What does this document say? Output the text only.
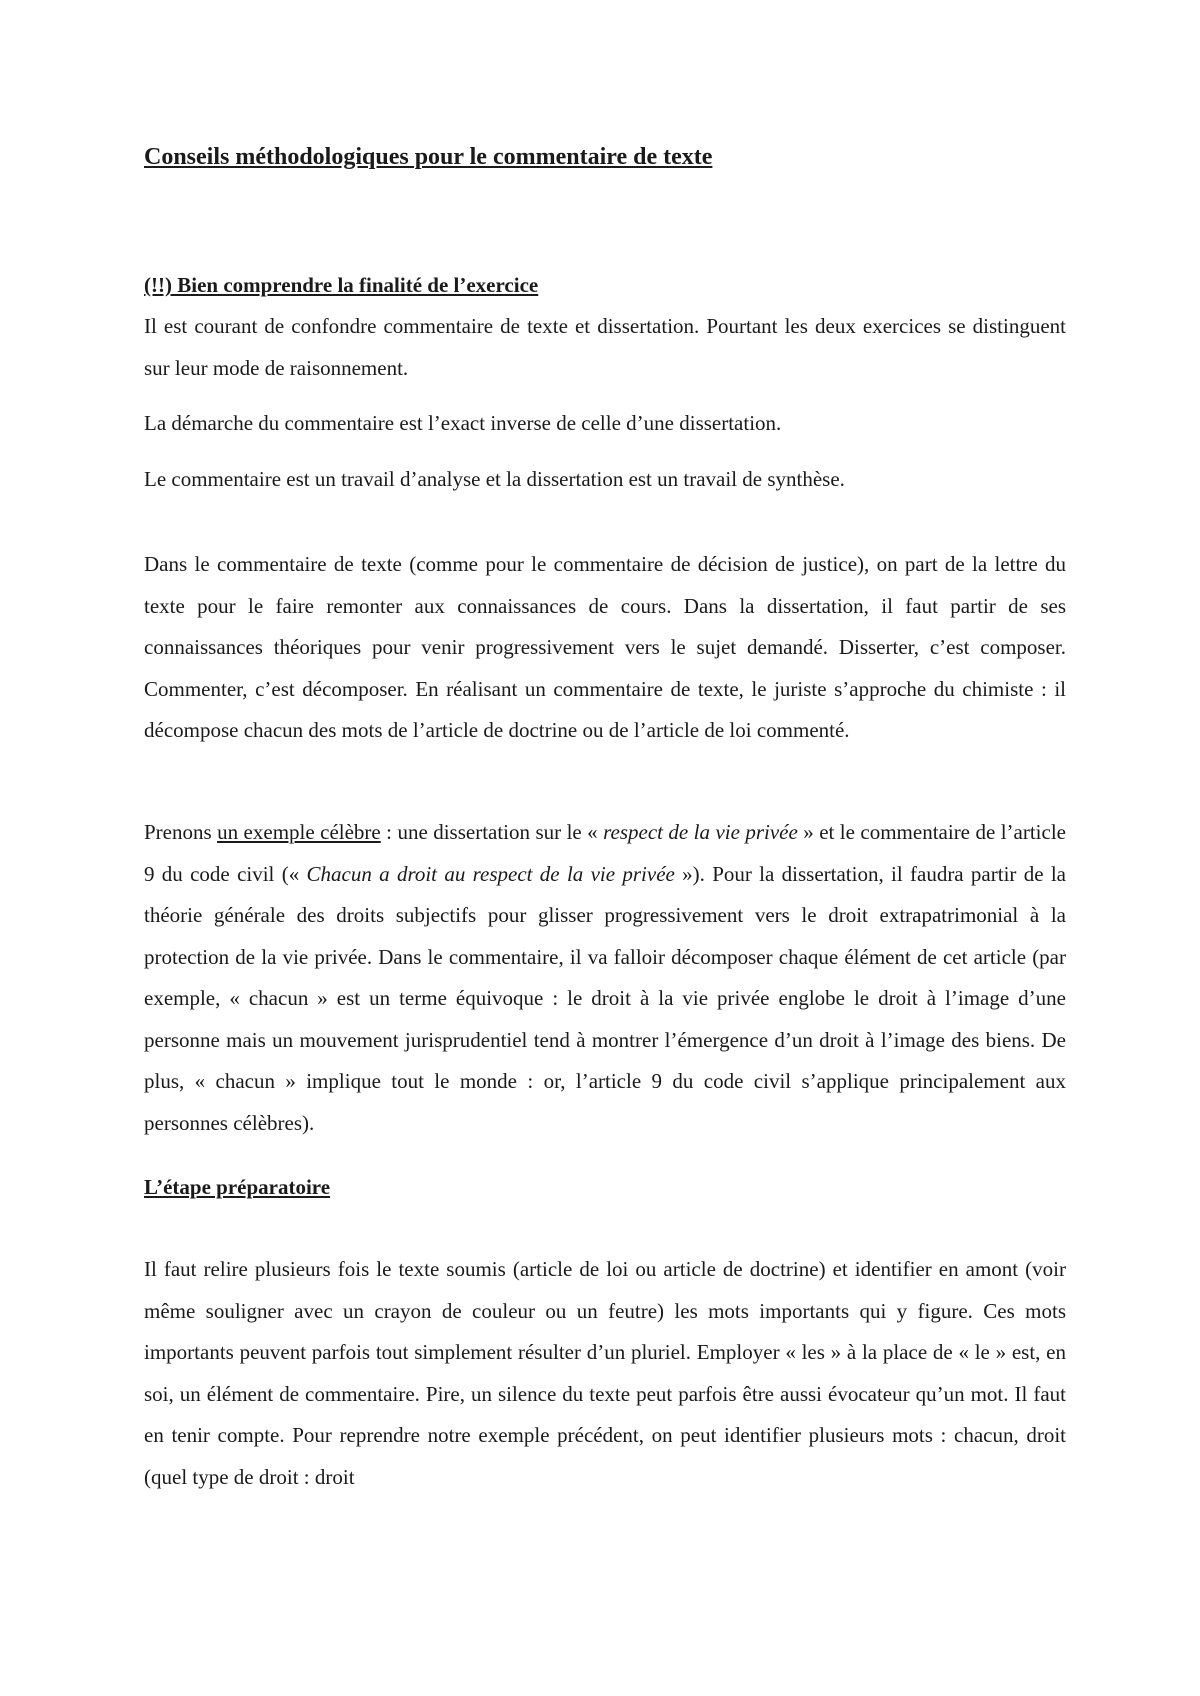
Conseils méthodologiques pour le commentaire de texte
(!!) Bien comprendre la finalité de l’exercice

Il est courant de confondre commentaire de texte et dissertation. Pourtant les deux exercices se distinguent sur leur mode de raisonnement.

La démarche du commentaire est l’exact inverse de celle d’une dissertation.

Le commentaire est un travail d’analyse et la dissertation est un travail de synthèse.

Dans le commentaire de texte (comme pour le commentaire de décision de justice), on part de la lettre du texte pour le faire remonter aux connaissances de cours. Dans la dissertation, il faut partir de ses connaissances théoriques pour venir progressivement vers le sujet demandé. Disserter, c’est composer. Commenter, c’est décomposer. En réalisant un commentaire de texte, le juriste s’approche du chimiste : il décompose chacun des mots de l’article de doctrine ou de l’article de loi commenté.

Prenons un exemple célèbre : une dissertation sur le « respect de la vie privée » et le commentaire de l’article 9 du code civil (« Chacun a droit au respect de la vie privée »). Pour la dissertation, il faudra partir de la théorie générale des droits subjectifs pour glisser progressivement vers le droit extrapatrimonial à la protection de la vie privée. Dans le commentaire, il va falloir décomposer chaque élément de cet article (par exemple, « chacun » est un terme équivoque : le droit à la vie privée englobe le droit à l’image d’une personne mais un mouvement jurisprudentiel tend à montrer l’émergence d’un droit à l’image des biens. De plus, « chacun » implique tout le monde : or, l’article 9 du code civil s’applique principalement aux personnes célèbres).

L’étape préparatoire

Il faut relire plusieurs fois le texte soumis (article de loi ou article de doctrine) et identifier en amont (voir même souligner avec un crayon de couleur ou un feutre) les mots importants qui y figure. Ces mots importants peuvent parfois tout simplement résulter d’un pluriel. Employer « les » à la place de « le » est, en soi, un élément de commentaire. Pire, un silence du texte peut parfois être aussi évocateur qu’un mot. Il faut en tenir compte. Pour reprendre notre exemple précédent, on peut identifier plusieurs mots : chacun, droit (quel type de droit : droit
